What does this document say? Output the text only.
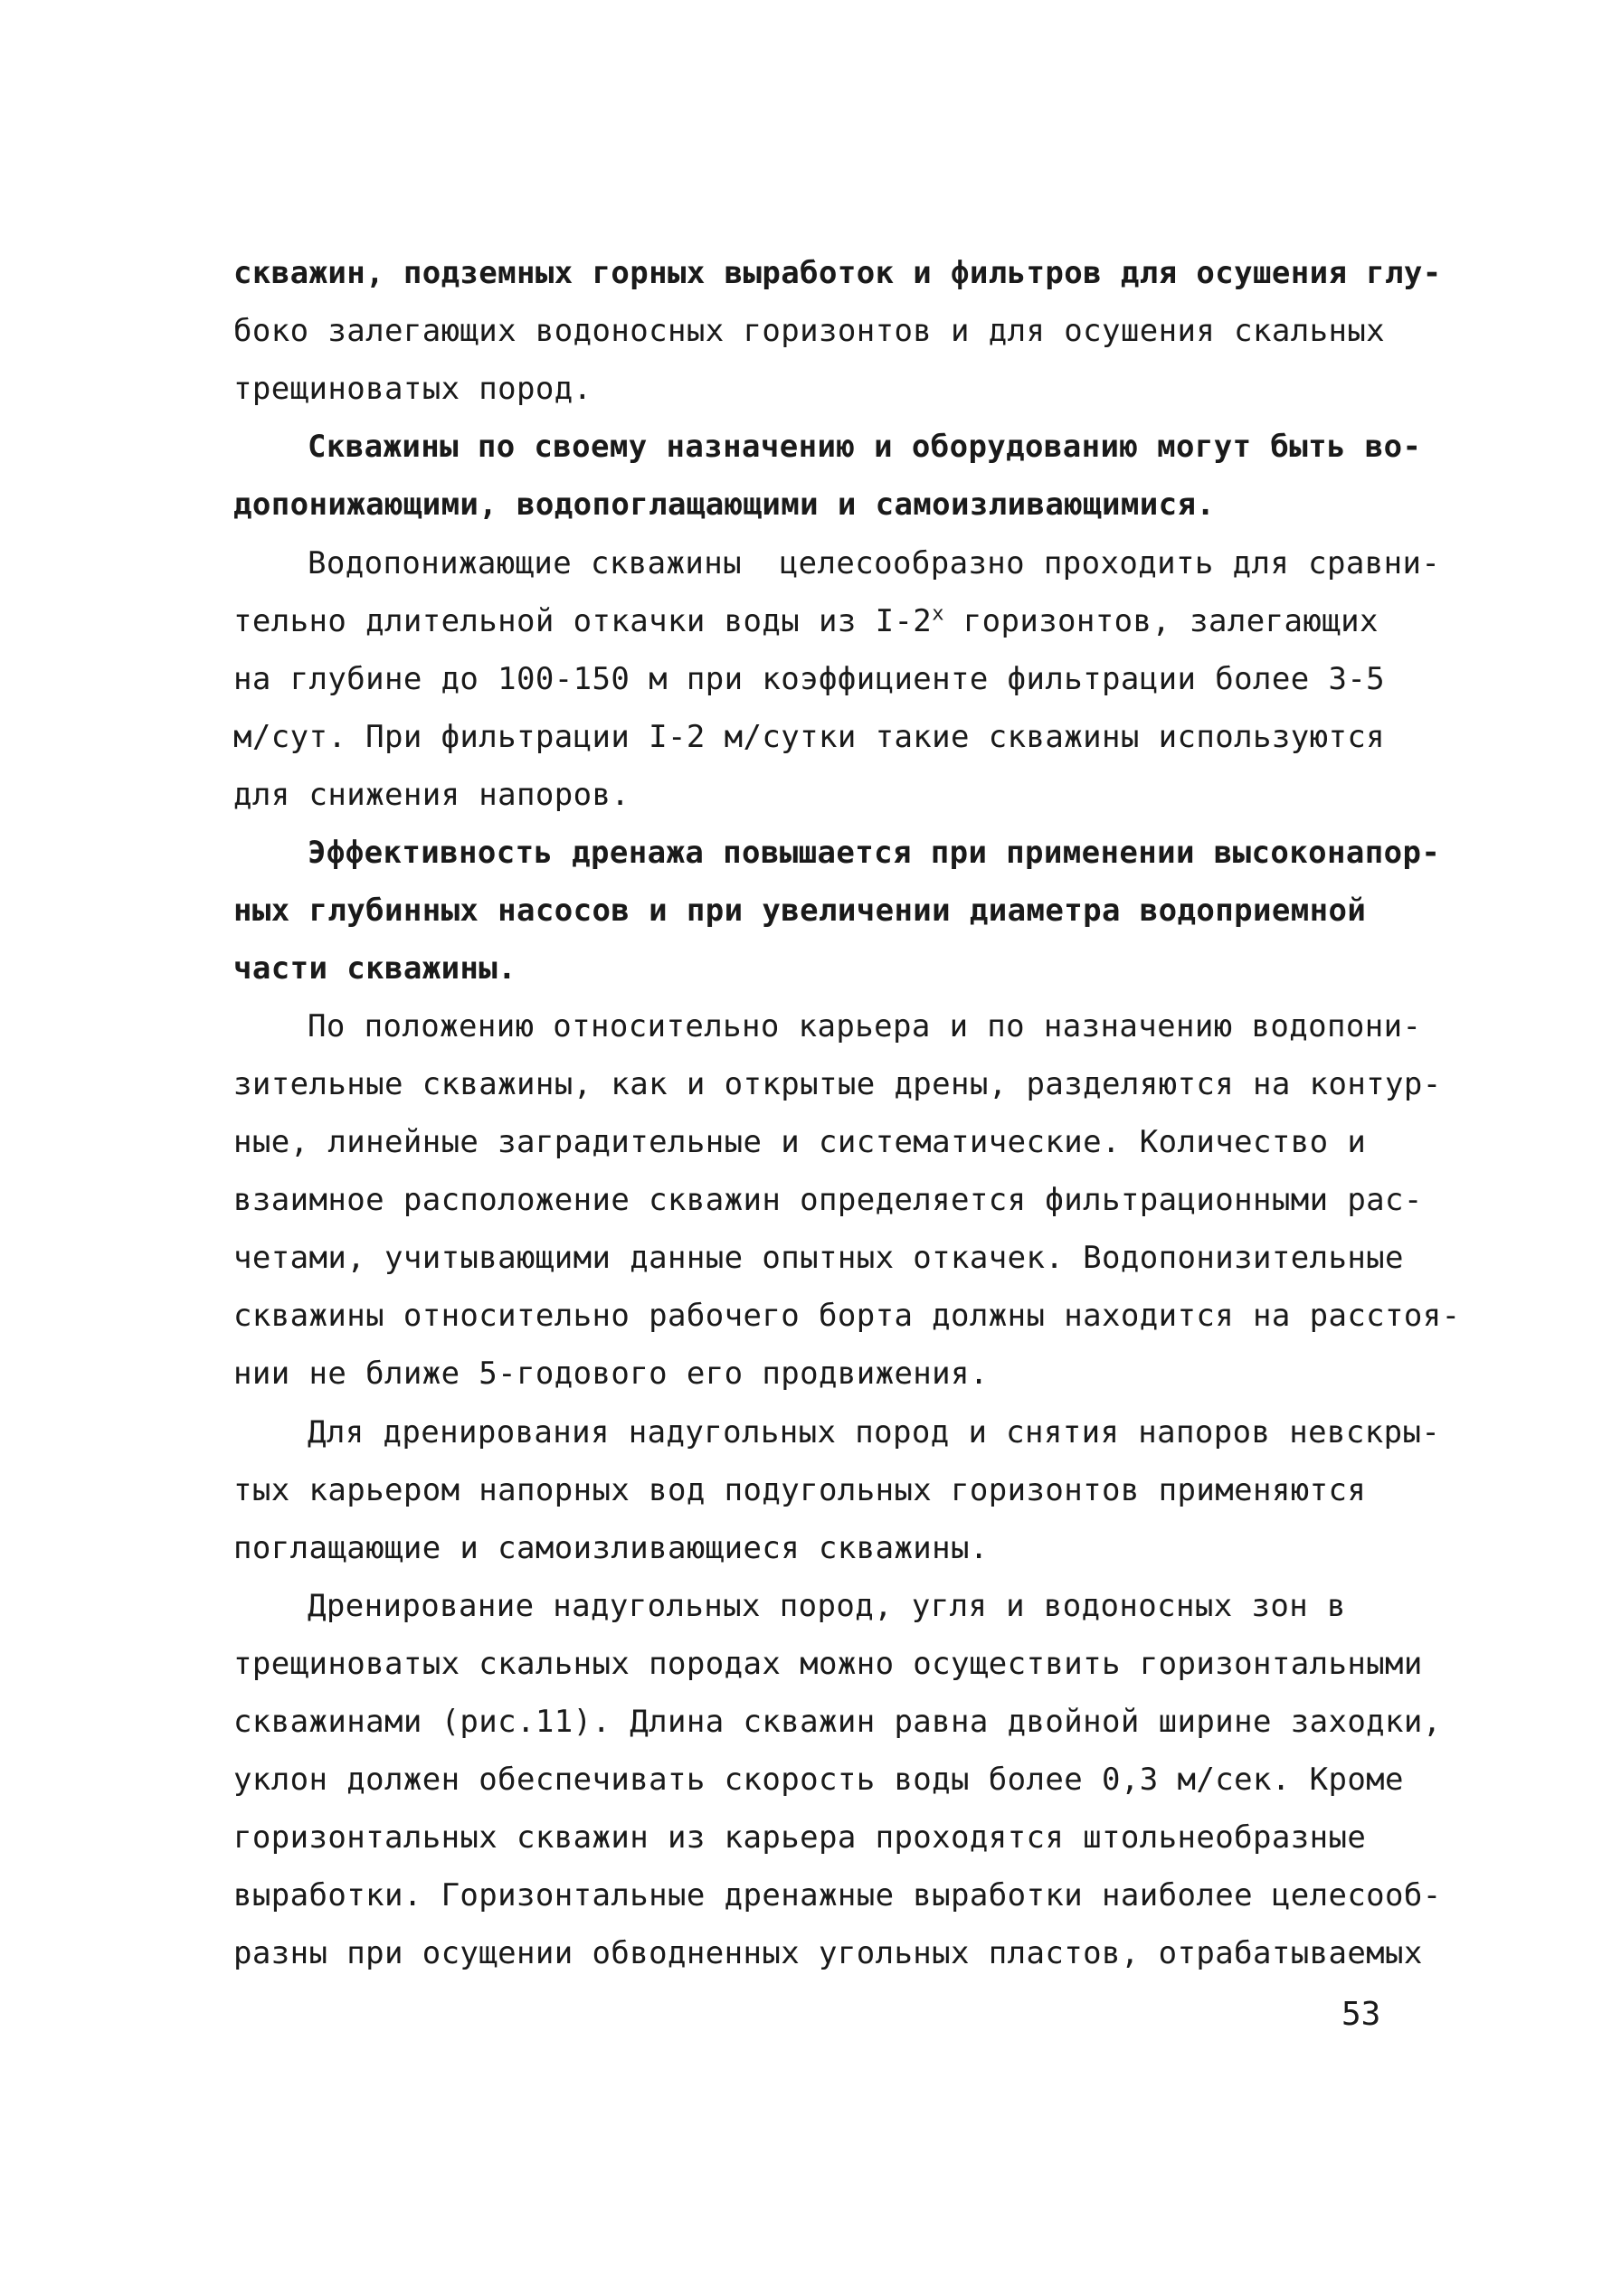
скважин, подземных горных выработок и фильтров для осушения глу-
боко залегающих водоносных горизонтов и для осушения скальных
трещиноватых пород.
Скважины по своему назначению и оборудованию могут быть во-
допонижающими, водопоглащающими и самоизливающимися.
Водопонижающие скважины  целесообразно проходить для сравни-
тельно длительной откачки воды из $I-2^х$ горизонтов, залегающих
на глубине до 100-150 м при коэффициенте фильтрации более 3-5
м/сут. При фильтрации I-2 м/сутки такие скважины используются
для снижения напоров.
Эффективность дренажа повышается при применении высоконапор-
ных глубинных насосов и при увеличении диаметра водоприемной
части скважины.
По положению относительно карьера и по назначению водопони-
зительные скважины, как и открытые дрены, разделяются на контур-
ные, линейные заградительные и систематические. Количество и
взаимное расположение скважин определяется фильтрационными рас-
четами, учитывающими данные опытных откачек. Водопонизительные
скважины относительно рабочего борта должны находится на расстоя-
нии не ближе 5-годового его продвижения.
Для дренирования надугольных пород и снятия напоров невскры-
тых карьером напорных вод подугольных горизонтов применяются
поглащающие и самоизливающиеся скважины.
Дренирование надугольных пород, угля и водоносных зон в
трещиноватых скальных породах можно осуществить горизонтальными
скважинами (рис.11). Длина скважин равна двойной ширине заходки,
уклон должен обеспечивать скорость воды более 0,3 м/сек. Кроме
горизонтальных скважин из карьера проходятся штольнеобразные
выработки. Горизонтальные дренажные выработки наиболее целесооб-
разны при осущении обводненных угольных пластов, отрабатываемых
53
